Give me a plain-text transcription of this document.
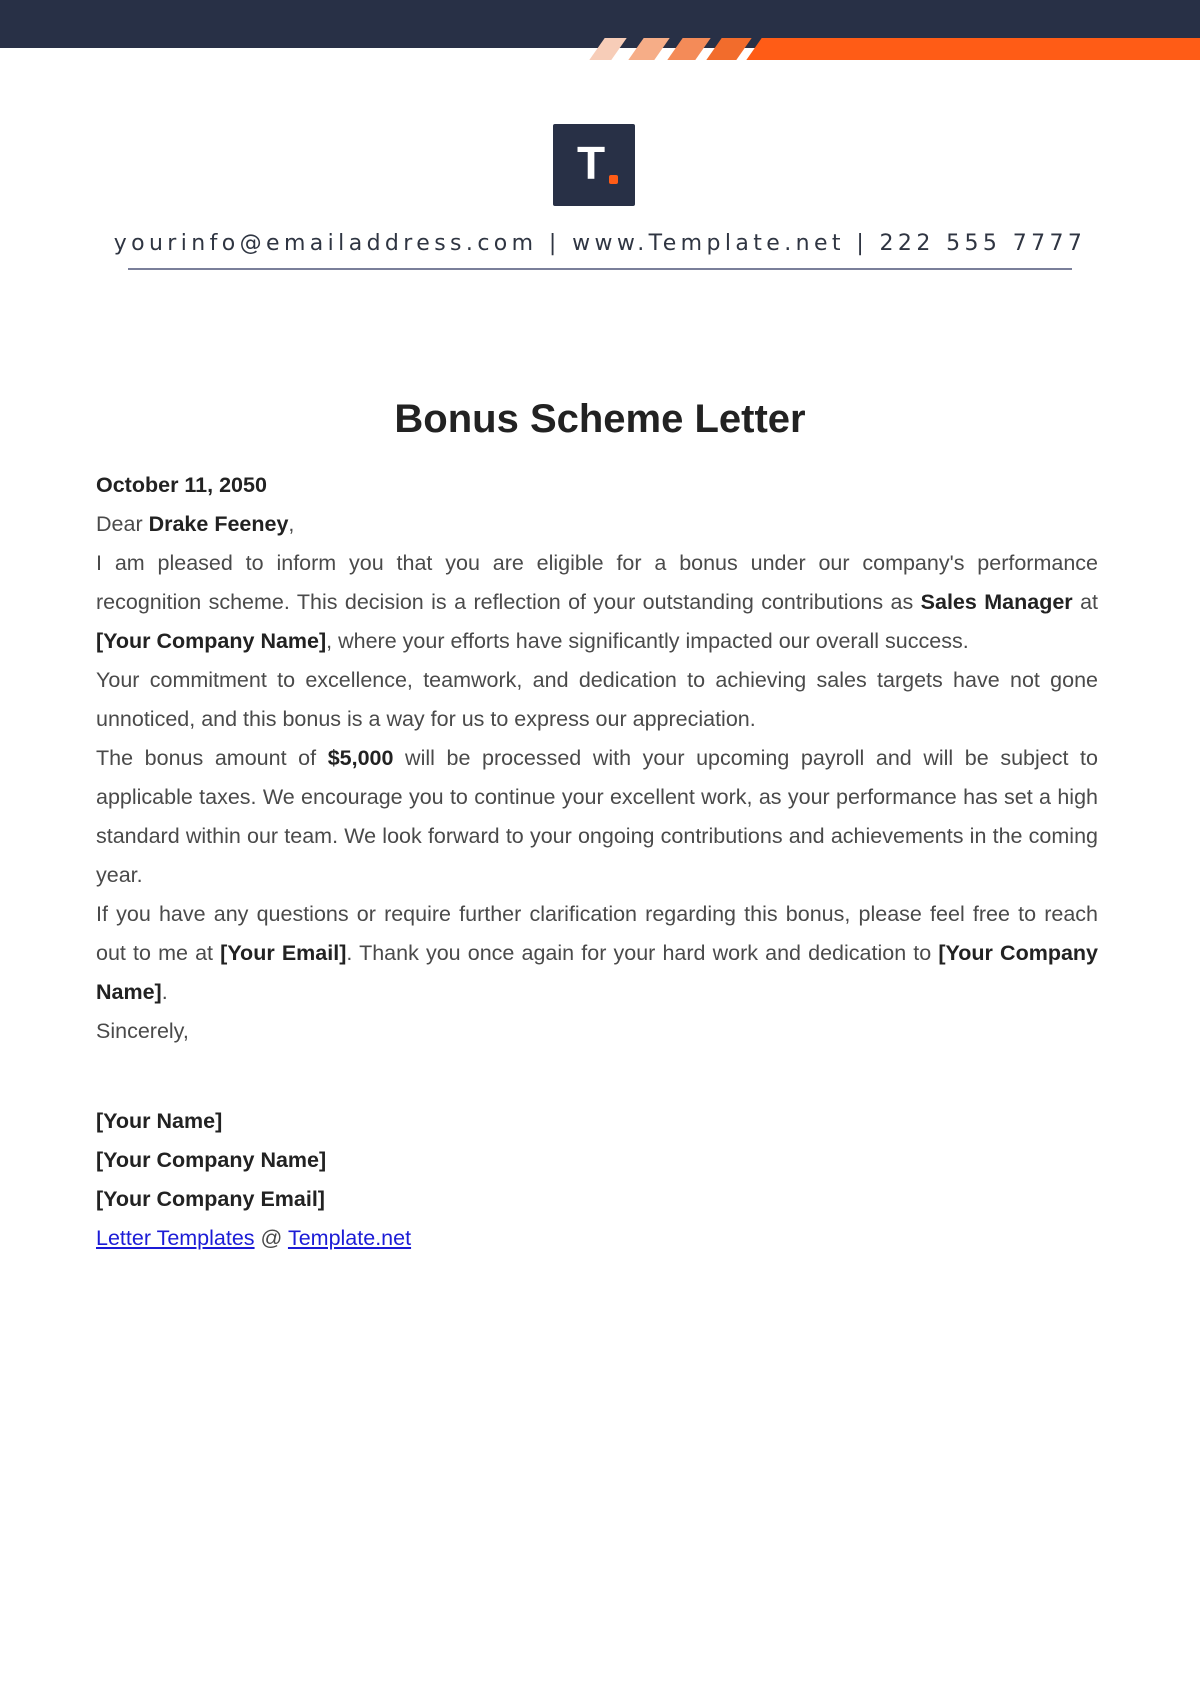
T
yourinfo@emailaddress.com | www.Template.net | 222 555 7777
Bonus Scheme Letter

October 11, 2050

Dear Drake Feeney,

I am pleased to inform you that you are eligible for a bonus under our company's performance recognition scheme. This decision is a reflection of your outstanding contributions as Sales Manager at [Your Company Name], where your efforts have significantly impacted our overall success.

Your commitment to excellence, teamwork, and dedication to achieving sales targets have not gone unnoticed, and this bonus is a way for us to express our appreciation.

The bonus amount of $5,000 will be processed with your upcoming payroll and will be subject to applicable taxes. We encourage you to continue your excellent work, as your performance has set a high standard within our team. We look forward to your ongoing contributions and achievements in the coming year.

If you have any questions or require further clarification regarding this bonus, please feel free to reach out to me at [Your Email]. Thank you once again for your hard work and dedication to [Your Company Name].

Sincerely,

[Your Name]

[Your Company Name]

[Your Company Email]

Letter Templates @ Template.net
